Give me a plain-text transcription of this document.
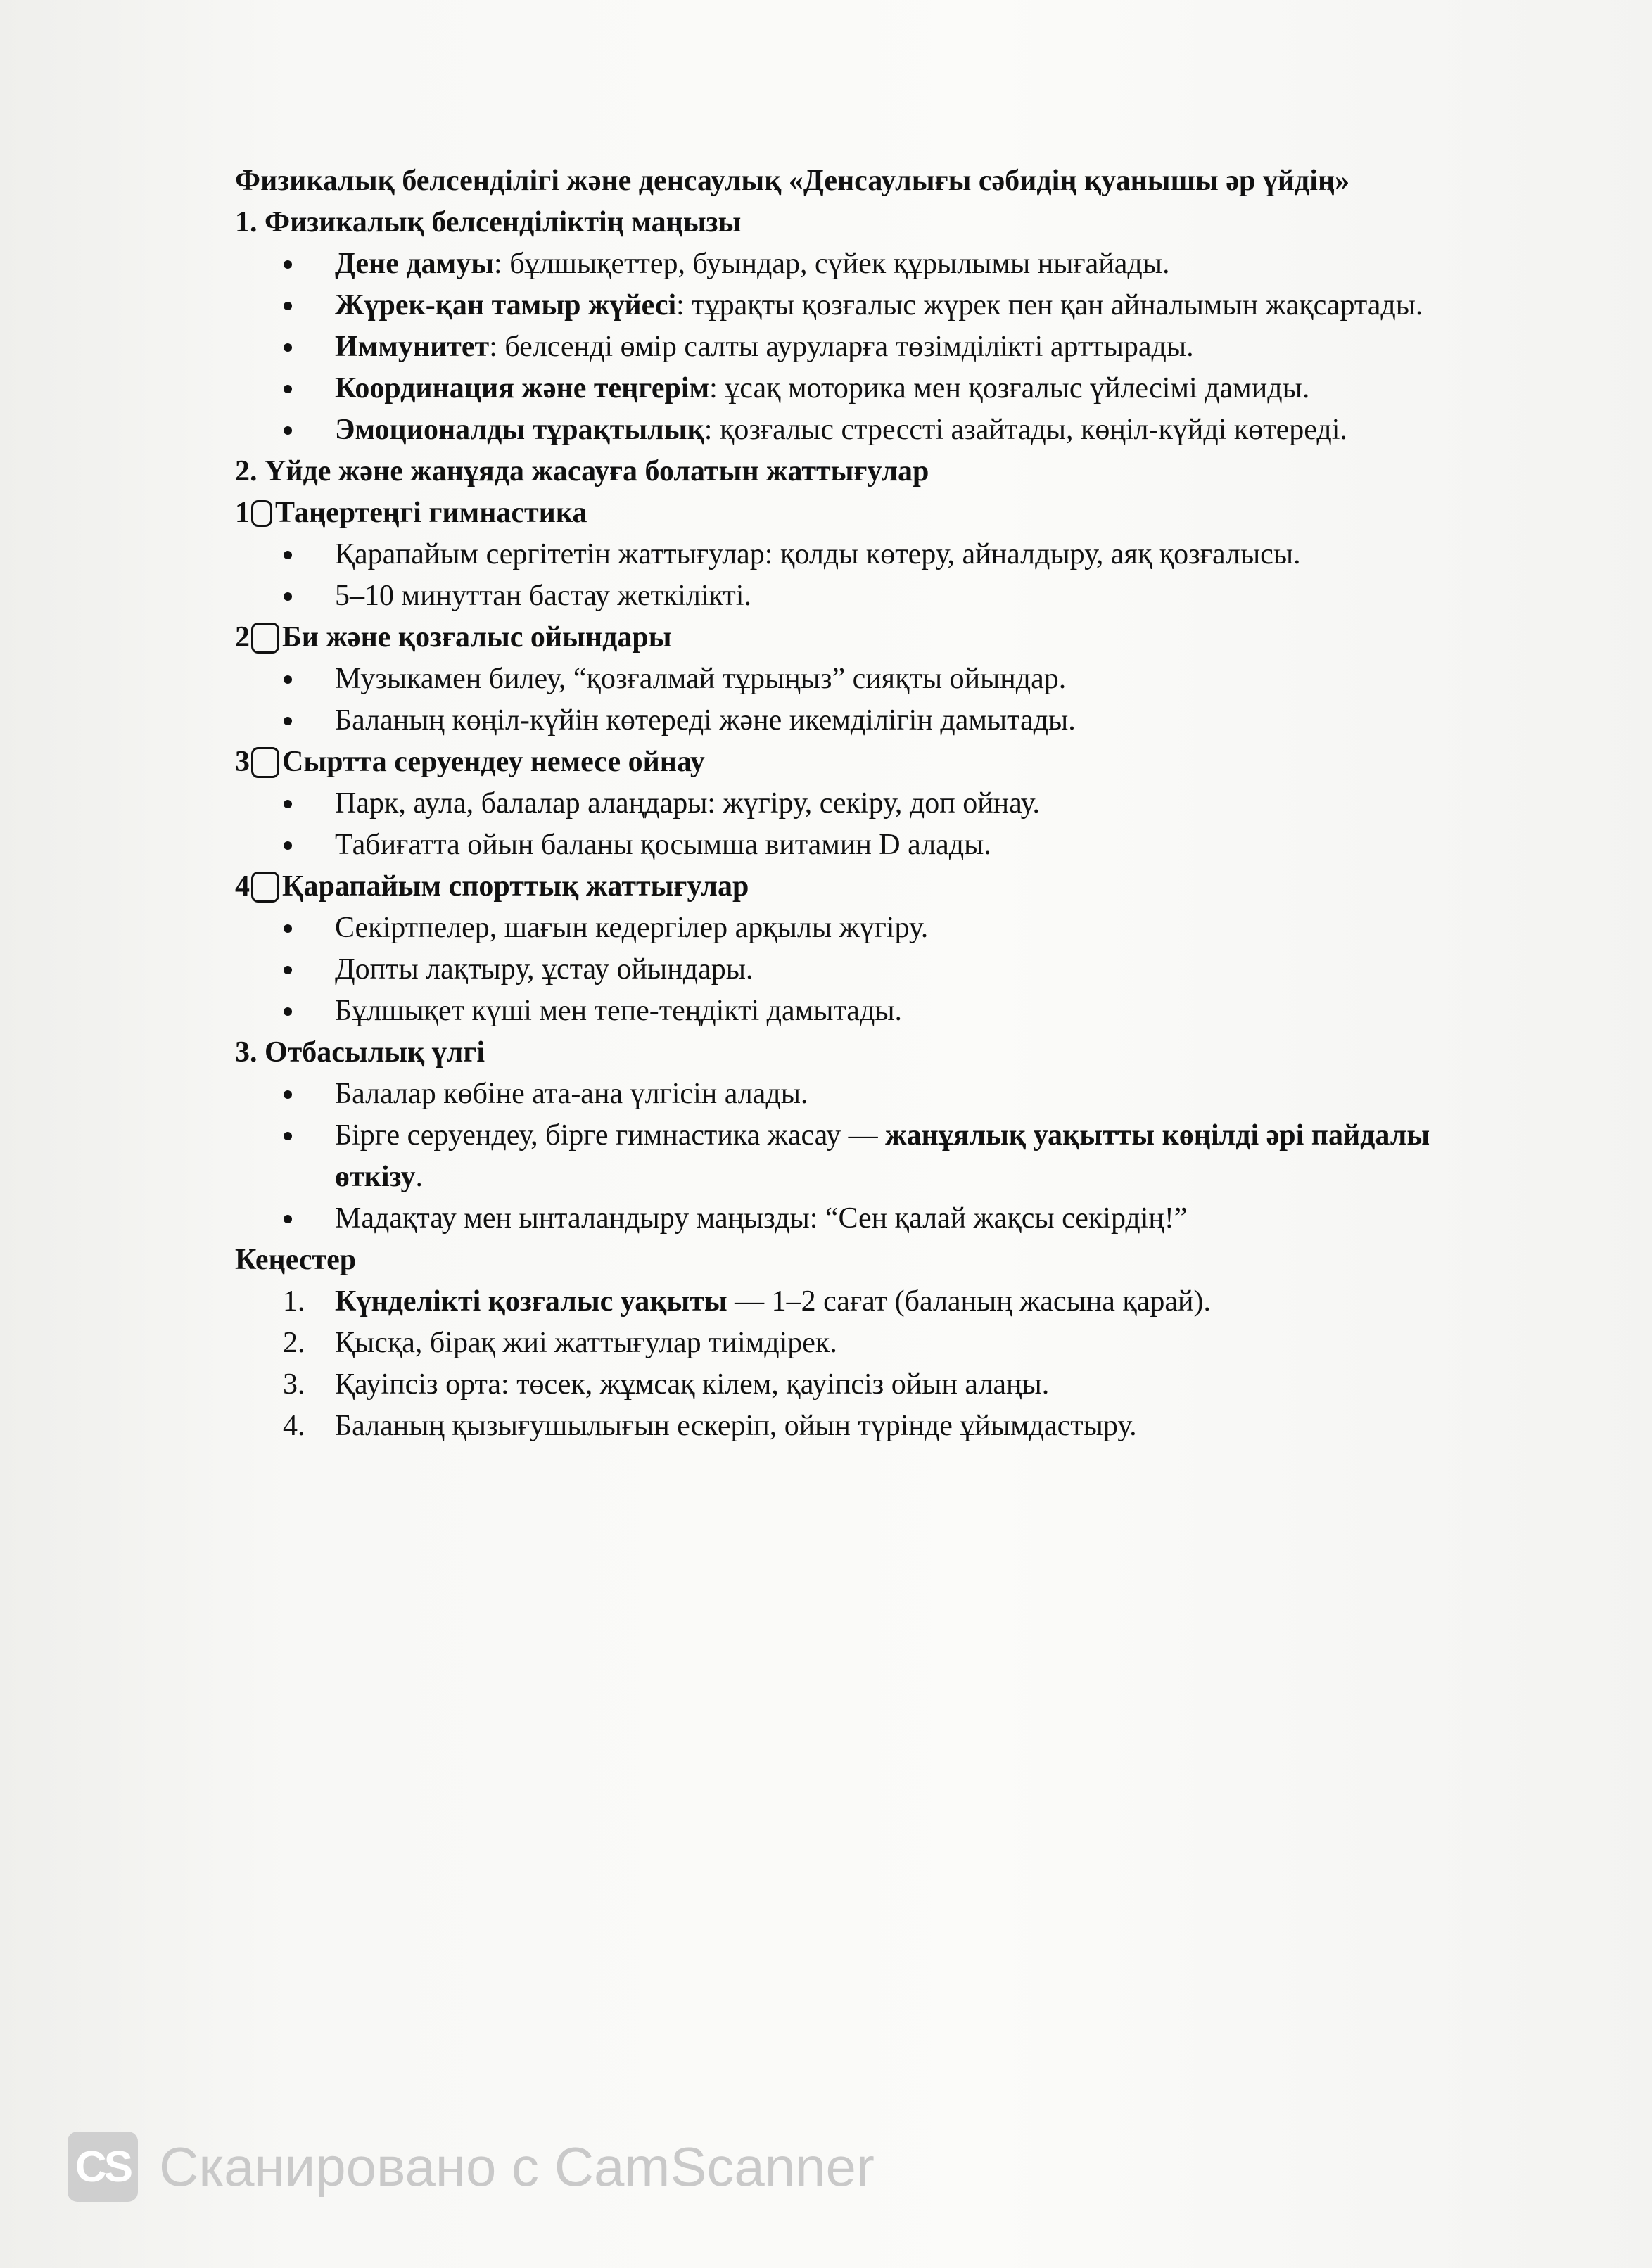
Физикалық белсенділігі және денсаулық «Денсаулығы сәбидің қуанышы әр үйдің»

1. Физикалық белсенділіктің маңызы

Дене дамуы: бұлшықеттер, буындар, сүйек құрылымы нығайады.
Жүрек-қан тамыр жүйесі: тұрақты қозғалыс жүрек пен қан айналымын жақсартады.
Иммунитет: белсенді өмір салты ауруларға төзімділікті арттырады.
Координация және теңгерім: ұсақ моторика мен қозғалыс үйлесімі дамиды.
Эмоционалды тұрақтылық: қозғалыс стрессті азайтады, көңіл-күйді көтереді.

2. Үйде және жанұяда жасауға болатын жаттығулар

1 Таңертеңгі гимнастика
Қарапайым сергітетін жаттығулар: қолды көтеру, айналдыру, аяқ қозғалысы.
5–10 минуттан бастау жеткілікті.
2 Би және қозғалыс ойындары
Музыкамен билеу, “қозғалмай тұрыңыз” сияқты ойындар.
Баланың көңіл-күйін көтереді және икемділігін дамытады.
3 Сыртта серуендеу немесе ойнау
Парк, аула, балалар алаңдары: жүгіру, секіру, доп ойнау.
Табиғатта ойын баланы қосымша витамин D алады.
4 Қарапайым спорттық жаттығулар
Секіртпелер, шағын кедергілер арқылы жүгіру.
Допты лақтыру, ұстау ойындары.
Бұлшықет күші мен тепе-теңдікті дамытады.

3. Отбасылық үлгі

Балалар көбіне ата-ана үлгісін алады.
Бірге серуендеу, бірге гимнастика жасау — жанұялық уақытты көңілді әрі пайдалы өткізу.
Мадақтау мен ынталандыру маңызды: “Сен қалай жақсы секірдің!”

Кеңестер

1. Күнделікті қозғалыс уақыты — 1–2 сағат (баланың жасына қарай).
2. Қысқа, бірақ жиі жаттығулар тиімдірек.
3. Қауіпсіз орта: төсек, жұмсақ кілем, қауіпсіз ойын алаңы.
4. Баланың қызығушылығын ескеріп, ойын түрінде ұйымдастыру.
CS Сканировано с CamScanner
